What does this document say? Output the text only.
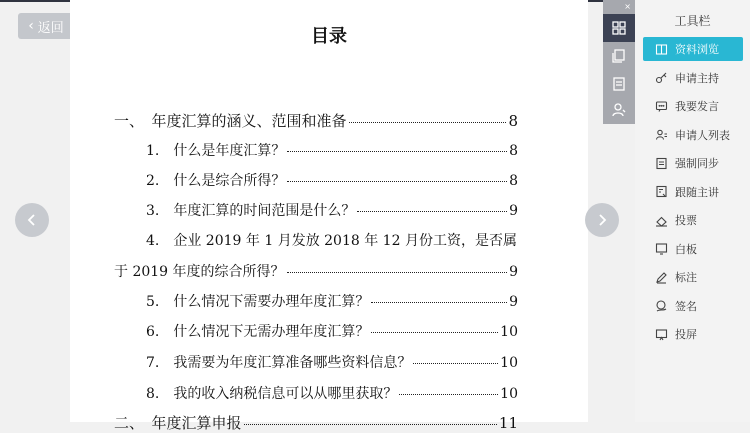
‹ 返回	目录
一、　年度汇算的涵义、范围和准备	8
1.　什么是年度汇算？	8
2.　什么是综合所得？	8
3.　年度汇算的时间范围是什么？	9
4.　企业 2019 年 1 月发放 2018 年 12 月份工资，是否属
于 2019 年度的综合所得？	9
5.　什么情况下需要办理年度汇算？	9
6.　什么情况下无需办理年度汇算？	10
7.　我需要为年度汇算准备哪些资料信息？	10
8.　我的收入纳税信息可以从哪里获取？	10
二、　年度汇算申报	11
×
工具栏
资料浏览
申请主持
我要发言
申请人列表
强制同步
跟随主讲
投票
白板
标注
签名
投屏
